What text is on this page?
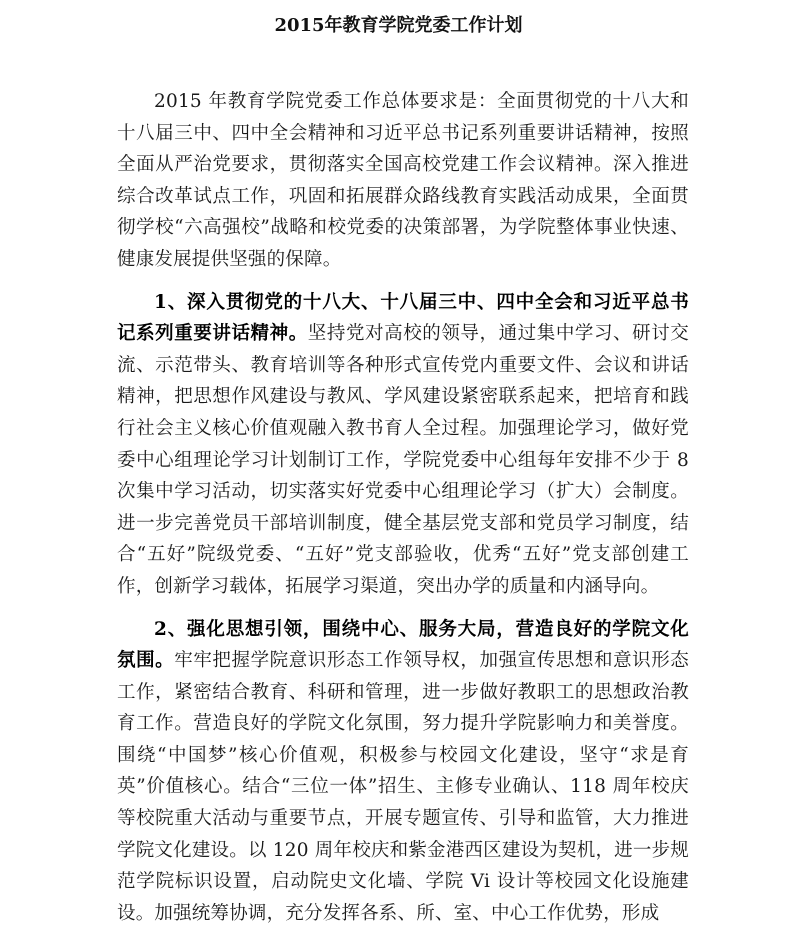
2015年教育学院党委工作计划

2015 年教育学院党委工作总体要求是：全面贯彻党的十八大和十八届三中、四中全会精神和习近平总书记系列重要讲话精神，按照全面从严治党要求，贯彻落实全国高校党建工作会议精神。深入推进综合改革试点工作，巩固和拓展群众路线教育实践活动成果，全面贯彻学校“六高强校”战略和校党委的决策部署，为学院整体事业快速、健康发展提供坚强的保障。

1、深入贯彻党的十八大、十八届三中、四中全会和习近平总书记系列重要讲话精神。坚持党对高校的领导，通过集中学习、研讨交流、示范带头、教育培训等各种形式宣传党内重要文件、会议和讲话精神，把思想作风建设与教风、学风建设紧密联系起来，把培育和践行社会主义核心价值观融入教书育人全过程。加强理论学习，做好党委中心组理论学习计划制订工作，学院党委中心组每年安排不少于 8 次集中学习活动，切实落实好党委中心组理论学习（扩大）会制度。进一步完善党员干部培训制度，健全基层党支部和党员学习制度，结合“五好”院级党委、“五好”党支部验收，优秀“五好”党支部创建工作，创新学习载体，拓展学习渠道，突出办学的质量和内涵导向。

2、强化思想引领，围绕中心、服务大局，营造良好的学院文化氛围。牢牢把握学院意识形态工作领导权，加强宣传思想和意识形态工作，紧密结合教育、科研和管理，进一步做好教职工的思想政治教育工作。营造良好的学院文化氛围，努力提升学院影响力和美誉度。围绕“中国梦”核心价值观，积极参与校园文化建设，坚守“求是育英”价值核心。结合“三位一体”招生、主修专业确认、118 周年校庆等校院重大活动与重要节点，开展专题宣传、引导和监管，大力推进学院文化建设。以 120 周年校庆和紫金港西区建设为契机，进一步规范学院标识设置，启动院史文化墙、学院 Vi 设计等校园文化设施建设。加强统筹协调，充分发挥各系、所、室、中心工作优势，形成
